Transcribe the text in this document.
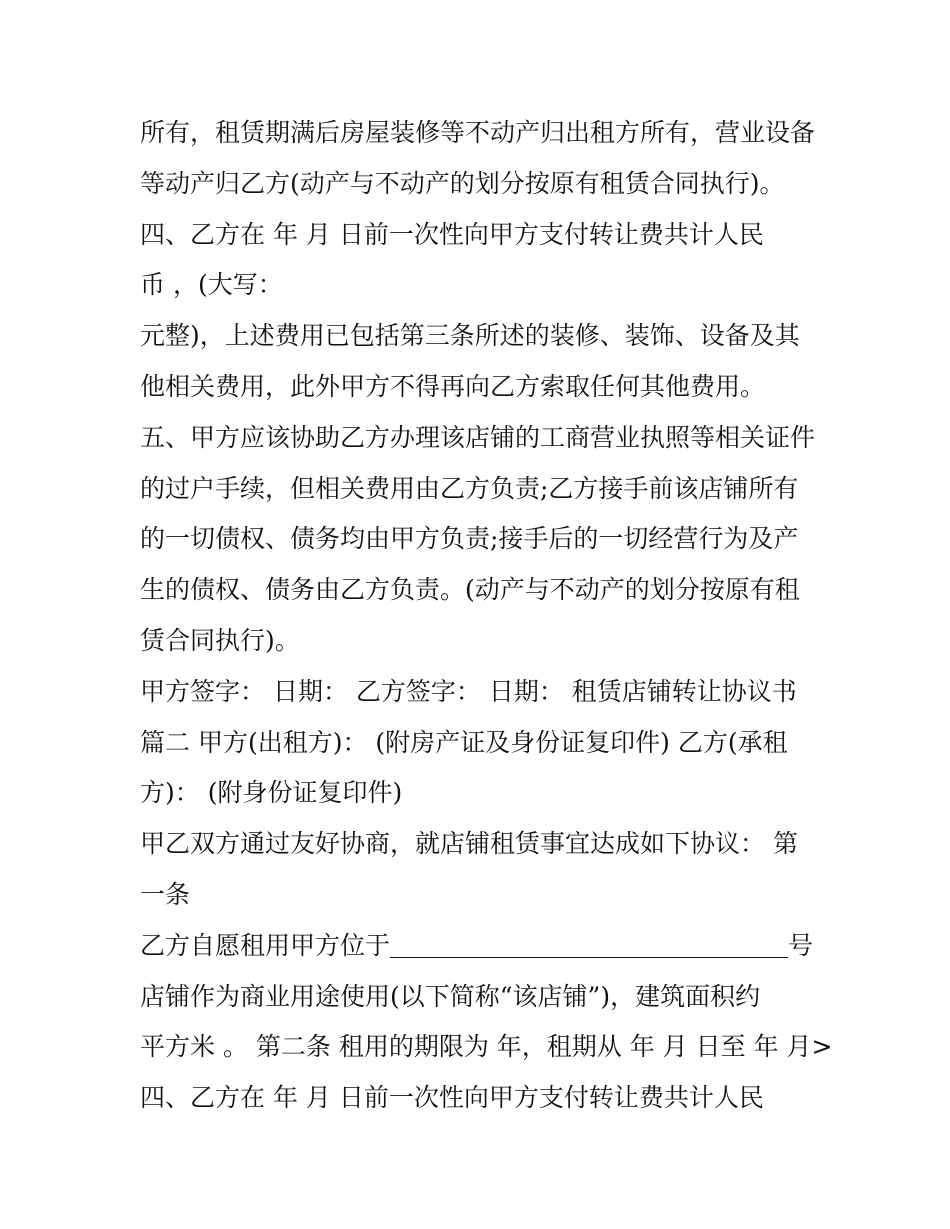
所有，租赁期满后房屋装修等不动产归出租方所有，营业设备
等动产归乙方(动产与不动产的划分按原有租赁合同执行)。
四、乙方在 年 月 日前一次性向甲方支付转让费共计人民
币 ，(大写：
元整)，上述费用已包括第三条所述的装修、装饰、设备及其
他相关费用，此外甲方不得再向乙方索取任何其他费用。
五、甲方应该协助乙方办理该店铺的工商营业执照等相关证件
的过户手续，但相关费用由乙方负责;乙方接手前该店铺所有
的一切债权、债务均由甲方负责;接手后的一切经营行为及产
生的债权、债务由乙方负责。(动产与不动产的划分按原有租
赁合同执行)。
甲方签字： 日期： 乙方签字： 日期： 租赁店铺转让协议书
篇二 甲方(出租方)： (附房产证及身份证复印件) 乙方(承租
方)： (附身份证复印件)
甲乙双方通过友好协商，就店铺租赁事宜达成如下协议： 第
一条
乙方自愿租用甲方位于	号
店铺作为商业用途使用(以下简称“该店铺”)，建筑面积约
平方米 。 第二条 租用的期限为 年，租期从 年 月 日至 年 月>
四、乙方在 年 月 日前一次性向甲方支付转让费共计人民
